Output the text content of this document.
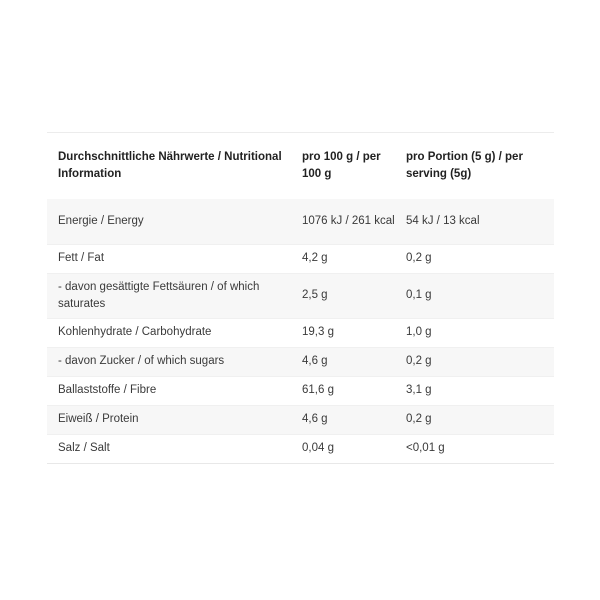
Durchschnittliche Nährwerte / Nutritional Information	pro 100 g / per 100 g	pro Portion (5 g) / per serving (5g)
Energie / Energy	1076 kJ / 261 kcal	54 kJ / 13 kcal
Fett / Fat	4,2 g	0,2 g
- davon gesättigte Fettsäuren / of which saturates	2,5 g	0,1 g
Kohlenhydrate / Carbohydrate	19,3 g	1,0 g
- davon Zucker / of which sugars	4,6 g	0,2 g
Ballaststoffe / Fibre	61,6 g	3,1 g
Eiweiß / Protein	4,6 g	0,2 g
Salz / Salt	0,04 g	<0,01 g
